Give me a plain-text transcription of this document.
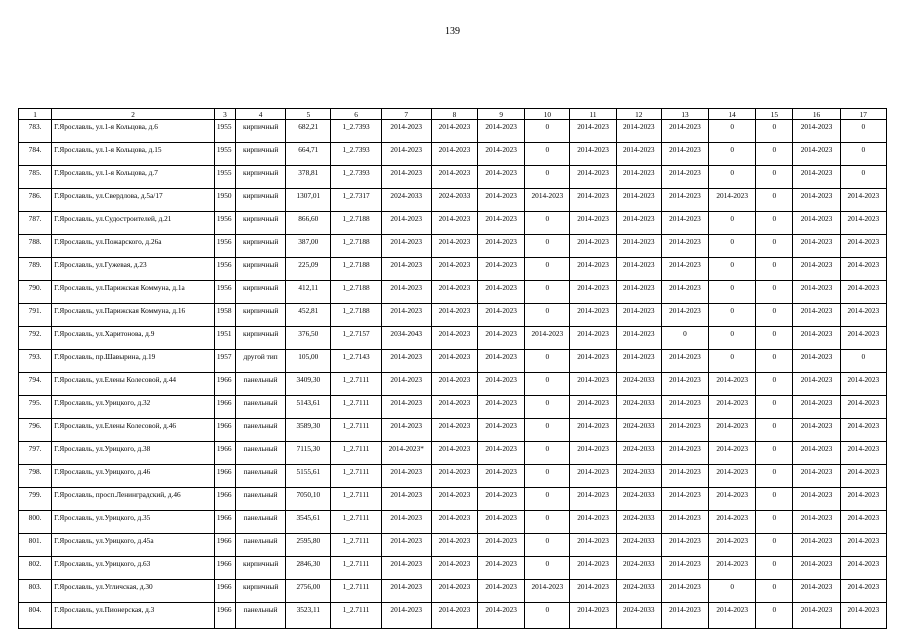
139
1	2	3	4	5	6	7	8	9	10	11	12	13	14	15	16	17
783.	Г.Ярославль, ул.1-я Кольцова, д.6	1955	кирпичный	682,21	1_2.7393	2014-2023	2014-2023	2014-2023	0	2014-2023	2014-2023	2014-2023	0	0	2014-2023	0
784.	Г.Ярославль, ул.1-я Кольцова, д.15	1955	кирпичный	664,71	1_2.7393	2014-2023	2014-2023	2014-2023	0	2014-2023	2014-2023	2014-2023	0	0	2014-2023	0
785.	Г.Ярославль, ул.1-я Кольцова, д.7	1955	кирпичный	378,81	1_2.7393	2014-2023	2014-2023	2014-2023	0	2014-2023	2014-2023	2014-2023	0	0	2014-2023	0
786.	Г.Ярославль, ул.Свердлова, д.5а/17	1950	кирпичный	1307,01	1_2.7317	2024-2033	2024-2033	2014-2023	2014-2023	2014-2023	2014-2023	2014-2023	2014-2023	0	2014-2023	2014-2023
787.	Г.Ярославль, ул.Судостроителей, д.21	1956	кирпичный	866,60	1_2.7188	2014-2023	2014-2023	2014-2023	0	2014-2023	2014-2023	2014-2023	0	0	2014-2023	2014-2023
788.	Г.Ярославль, ул.Пожарского, д.26а	1956	кирпичный	387,00	1_2.7188	2014-2023	2014-2023	2014-2023	0	2014-2023	2014-2023	2014-2023	0	0	2014-2023	2014-2023
789.	Г.Ярославль, ул.Гужевая, д.23	1956	кирпичный	225,09	1_2.7188	2014-2023	2014-2023	2014-2023	0	2014-2023	2014-2023	2014-2023	0	0	2014-2023	2014-2023
790.	Г.Ярославль, ул.Парижская Коммуна, д.1а	1956	кирпичный	412,11	1_2.7188	2014-2023	2014-2023	2014-2023	0	2014-2023	2014-2023	2014-2023	0	0	2014-2023	2014-2023
791.	Г.Ярославль, ул.Парижская Коммуна, д.16	1958	кирпичный	452,81	1_2.7188	2014-2023	2014-2023	2014-2023	0	2014-2023	2014-2023	2014-2023	0	0	2014-2023	2014-2023
792.	Г.Ярославль, ул.Харитонова, д.9	1951	кирпичный	376,50	1_2.7157	2034-2043	2014-2023	2014-2023	2014-2023	2014-2023	2014-2023	0	0	0	2014-2023	2014-2023
793.	Г.Ярославль, пр.Шавырина, д.19	1957	другой тип	105,00	1_2.7143	2014-2023	2014-2023	2014-2023	0	2014-2023	2014-2023	2014-2023	0	0	2014-2023	0
794.	Г.Ярославль, ул.Елены Колесовой, д.44	1966	панельный	3409,30	1_2.7111	2014-2023	2014-2023	2014-2023	0	2014-2023	2024-2033	2014-2023	2014-2023	0	2014-2023	2014-2023
795.	Г.Ярославль, ул.Урицкого, д.32	1966	панельный	5143,61	1_2.7111	2014-2023	2014-2023	2014-2023	0	2014-2023	2024-2033	2014-2023	2014-2023	0	2014-2023	2014-2023
796.	Г.Ярославль, ул.Елены Колесовой, д.46	1966	панельный	3589,30	1_2.7111	2014-2023	2014-2023	2014-2023	0	2014-2023	2024-2033	2014-2023	2014-2023	0	2014-2023	2014-2023
797.	Г.Ярославль, ул.Урицкого, д.38	1966	панельный	7115,30	1_2.7111	2014-2023*	2014-2023	2014-2023	0	2014-2023	2024-2033	2014-2023	2014-2023	0	2014-2023	2014-2023
798.	Г.Ярославль, ул.Урицкого, д.46	1966	панельный	5155,61	1_2.7111	2014-2023	2014-2023	2014-2023	0	2014-2023	2024-2033	2014-2023	2014-2023	0	2014-2023	2014-2023
799.	Г.Ярославль, просп.Ленинградский, д.46	1966	панельный	7050,10	1_2.7111	2014-2023	2014-2023	2014-2023	0	2014-2023	2024-2033	2014-2023	2014-2023	0	2014-2023	2014-2023
800.	Г.Ярославль, ул.Урицкого, д.35	1966	панельный	3545,61	1_2.7111	2014-2023	2014-2023	2014-2023	0	2014-2023	2024-2033	2014-2023	2014-2023	0	2014-2023	2014-2023
801.	Г.Ярославль, ул.Урицкого, д.45а	1966	панельный	2595,80	1_2.7111	2014-2023	2014-2023	2014-2023	0	2014-2023	2024-2033	2014-2023	2014-2023	0	2014-2023	2014-2023
802.	Г.Ярославль, ул.Урицкого, д.63	1966	кирпичный	2846,30	1_2.7111	2014-2023	2014-2023	2014-2023	0	2014-2023	2024-2033	2014-2023	2014-2023	0	2014-2023	2014-2023
803.	Г.Ярославль, ул.Угличская, д.30	1966	кирпичный	2756,00	1_2.7111	2014-2023	2014-2023	2014-2023	2014-2023	2014-2023	2024-2033	2014-2023	0	0	2014-2023	2014-2023
804.	Г.Ярославль, ул.Пионерская, д.3	1966	панельный	3523,11	1_2.7111	2014-2023	2014-2023	2014-2023	0	2014-2023	2024-2033	2014-2023	2014-2023	0	2014-2023	2014-2023
